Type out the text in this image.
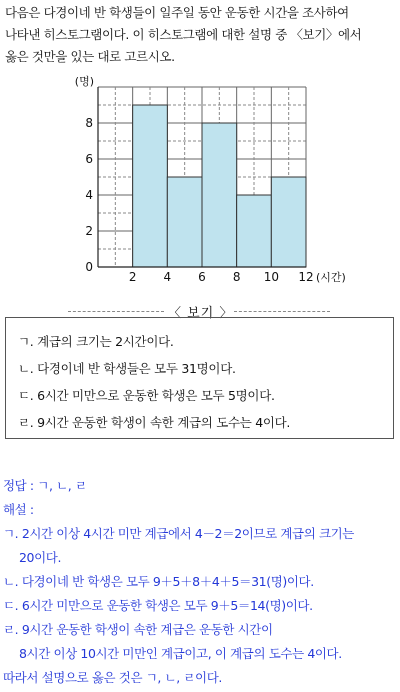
다음은 다경이네 반 학생들이 일주일 동안 운동한 시간을 조사하여
나타낸 히스토그램이다. 이 히스토그램에 대한 설명 중 〈보기〉에서
옳은 것만을 있는 대로 고르시오.
2 4 6 8 10 12
0
2
4
6
8
(명)
(시간)
〈 보기 〉
ㄱ. 계급의 크기는 2시간이다.
ㄴ. 다경이네 반 학생들은 모두 31명이다.
ㄷ. 6시간 미만으로 운동한 학생은 모두 5명이다.
ㄹ. 9시간 운동한 학생이 속한 계급의 도수는 4이다.
정답 : ㄱ, ㄴ, ㄹ
해설 :
ㄱ. 2시간 이상 4시간 미만 계급에서 4－2＝2이므로 계급의 크기는
20이다.
ㄴ. 다경이네 반 학생은 모두 9＋5＋8＋4＋5＝31(명)이다.
ㄷ. 6시간 미만으로 운동한 학생은 모두 9＋5＝14(명)이다.
ㄹ. 9시간 운동한 학생이 속한 계급은 운동한 시간이
8시간 이상 10시간 미만인 계급이고, 이 계급의 도수는 4이다.
따라서 설명으로 옳은 것은 ㄱ, ㄴ, ㄹ이다.
